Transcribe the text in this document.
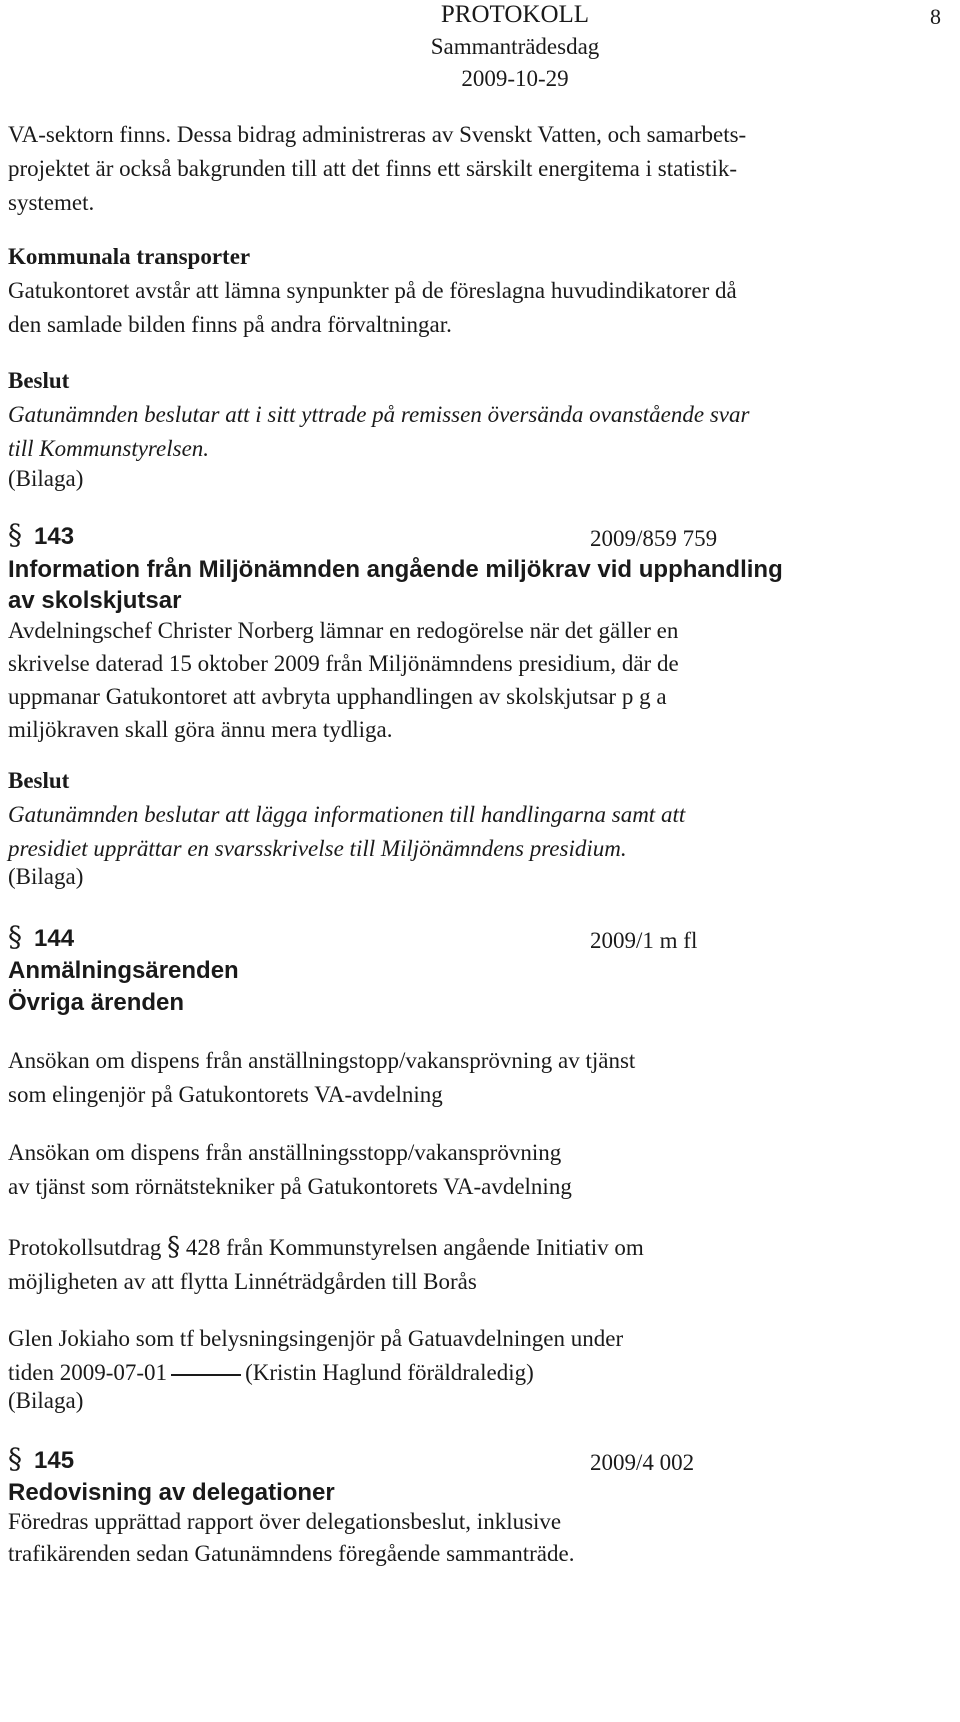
PROTOKOLL
Sammanträdesdag
2009-10-29
8
VA-sektorn finns. Dessa bidrag administreras av Svenskt Vatten, och samarbets-
projektet är också bakgrunden till att det finns ett särskilt energitema i statistik-
systemet.
Kommunala transporter
Gatukontoret avstår att lämna synpunkter på de föreslagna huvudindikatorer då
den samlade bilden finns på andra förvaltningar.
Beslut
Gatunämnden beslutar att i sitt yttrade på remissen översända ovanstående svar
till Kommunstyrelsen.
(Bilaga)
§ 143	2009/859 759
Information från Miljönämnden angående miljökrav vid upphandling
av skolskjutsar
Avdelningschef Christer Norberg lämnar en redogörelse när det gäller en
skrivelse daterad 15 oktober 2009 från Miljönämndens presidium, där de
uppmanar Gatukontoret att avbryta upphandlingen av skolskjutsar p g a
miljökraven skall göra ännu mera tydliga.
Beslut
Gatunämnden beslutar att lägga informationen till handlingarna samt att
presidiet upprättar en svarsskrivelse till Miljönämndens presidium.
(Bilaga)
§ 144	2009/1 m fl
Anmälningsärenden
Övriga ärenden
Ansökan om dispens från anställningstopp/vakansprövning av tjänst
som elingenjör på Gatukontorets VA-avdelning
Ansökan om dispens från anställningsstopp/vakansprövning
av tjänst som rörnätstekniker på Gatukontorets VA-avdelning
Protokollsutdrag § 428 från Kommunstyrelsen angående Initiativ om
möjligheten av att flytta Linnéträdgården till Borås
Glen Jokiaho som tf belysningsingenjör på Gatuavdelningen under
tiden 2009-07-01	(Kristin Haglund föräldraledig)
(Bilaga)
§ 145	2009/4 002
Redovisning av delegationer
Föredras upprättad rapport över delegationsbeslut, inklusive
trafikärenden sedan Gatunämndens föregående sammanträde.
